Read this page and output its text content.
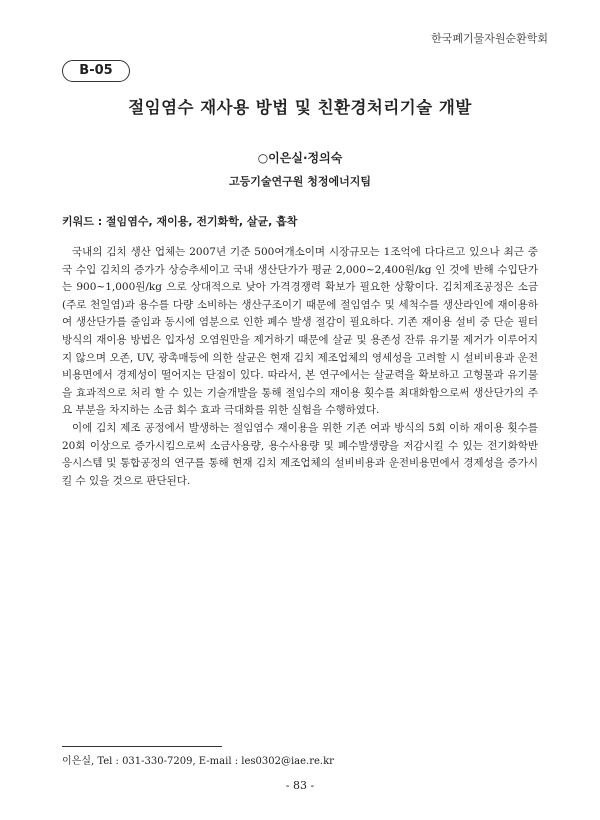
한국폐기물자원순환학회
B-05
절임염수 재사용 방법 및 친환경처리기술 개발
○이은실·정의숙
고등기술연구원 청정에너지팀
키워드 : 절임염수, 재이용, 전기화학, 살균, 흡착

국내의 김치 생산 업체는 2007년 기준 500여개소이며 시장규모는 1조억에 다다르고 있으나 최근 중국 수입 김치의 증가가 상승추세이고 국내 생산단가가 평균 2,000~2,400원/kg 인 것에 반해 수입단가는 900~1,000원/kg 으로 상대적으로 낮아 가격경쟁력 확보가 필요한 상황이다. 김치제조공정은 소금(주로 천일염)과 용수를 다량 소비하는 생산구조이기 때문에 절임염수 및 세척수를 생산라인에 재이용하여 생산단가를 줄임과 동시에 염분으로 인한 폐수 발생 절감이 필요하다. 기존 재이용 설비 중 단순 필터 방식의 재이용 방법은 입자성 오염원만을 제거하기 때문에 살균 및 용존성 잔류 유기물 제거가 이루어지지 않으며 오존, UV, 광촉매등에 의한 살균은 현재 김치 제조업체의 영세성을 고려할 시 설비비용과 운전비용면에서 경제성이 떨어지는 단점이 있다. 따라서, 본 연구에서는 살균력을 확보하고 고형물과 유기물을 효과적으로 처리 할 수 있는 기술개발을 통해 절임수의 재이용 횟수를 최대화함으로써 생산단가의 주요 부분을 차지하는 소금 회수 효과 극대화를 위한 실험을 수행하였다.

이에 김치 제조 공정에서 발생하는 절임염수 재이용을 위한 기존 여과 방식의 5회 이하 재이용 횟수를 20회 이상으로 증가시킴으로써 소금사용량, 용수사용량 및 폐수발생량을 저감시킬 수 있는 전기화학반응시스템 및 통합공정의 연구를 통해 현재 김치 제조업체의 설비비용과 운전비용면에서 경제성을 증가시킬 수 있을 것으로 판단된다.

이은실, Tel : 031-330-7209, E-mail : les0302@iae.re.kr
- 83 -
